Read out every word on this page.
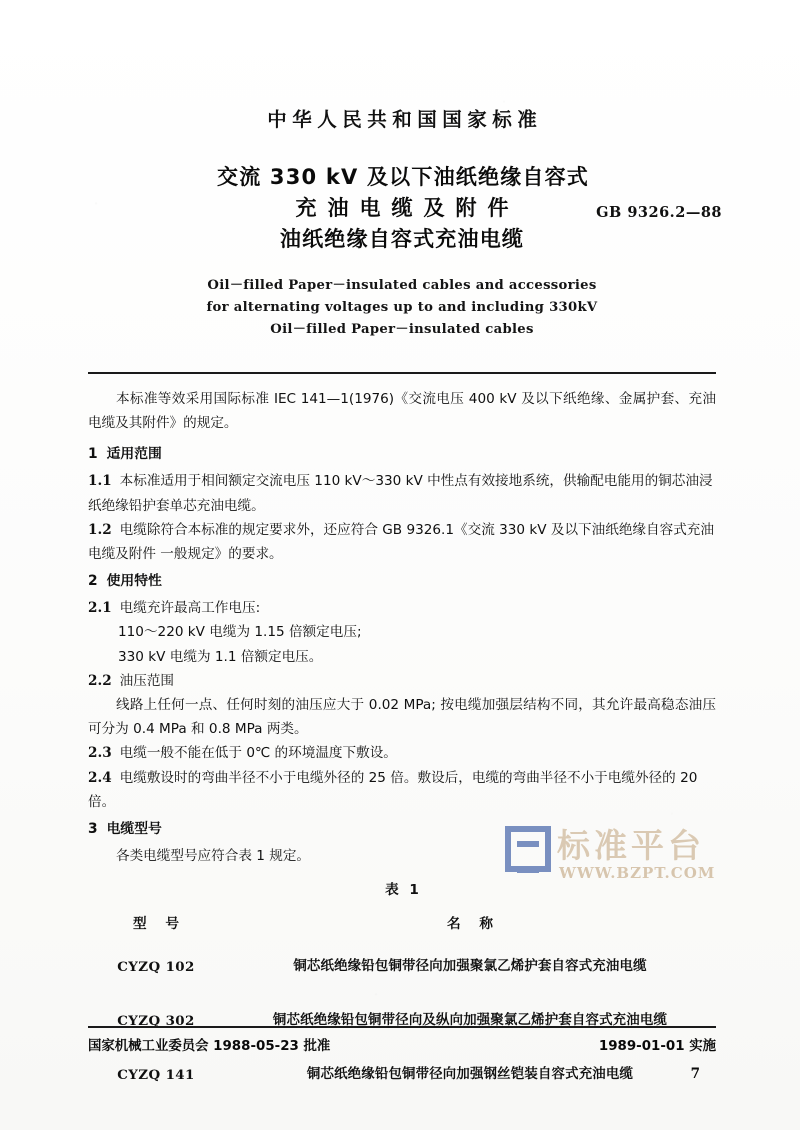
中华人民共和国国家标准
交流 330 kV 及以下油纸绝缘自容式
充油电缆及附件
油纸绝缘自容式充油电缆
GB 9326.2—88
Oil－filled Paper－insulated cables and accessories
for alternating voltages up to and including 330kV
Oil－filled Paper－insulated cables

本标准等效采用国际标准 IEC 141—1(1976)《交流电压 400 kV 及以下纸绝缘、金属护套、充油电缆及其附件》的规定。

1 适用范围

1.1 本标准适用于相间额定交流电压 110 kV～330 kV 中性点有效接地系统，供输配电能用的铜芯油浸纸绝缘铅护套单芯充油电缆。

1.2 电缆除符合本标准的规定要求外，还应符合 GB 9326.1《交流 330 kV 及以下油纸绝缘自容式充油电缆及附件 一般规定》的要求。

2 使用特性

2.1 电缆充许最高工作电压:

110～220 kV 电缆为 1.15 倍额定电压;

330 kV 电缆为 1.1 倍额定电压。

2.2 油压范围

线路上任何一点、任何时刻的油压应大于 0.02 MPa; 按电缆加强层结构不同，其允许最高稳态油压可分为 0.4 MPa 和 0.8 MPa 两类。

2.3 电缆一般不能在低于 0℃ 的环境温度下敷设。

2.4 电缆敷设时的弯曲半径不小于电缆外径的 25 倍。敷设后，电缆的弯曲半径不小于电缆外径的 20 倍。

3 电缆型号

各类电缆型号应符合表 1 规定。

表 1
型 号	名 称

CYZQ 102	铜芯纸绝缘铅包铜带径向加强聚氯乙烯护套自容式充油电缆

CYZQ 302	铜芯纸绝缘铅包铜带径向及纵向加强聚氯乙烯护套自容式充油电缆

CYZQ 141	铜芯纸绝缘铅包铜带径向加强钢丝铠装自容式充油电缆

国家机械工业委员会 1988-05-23 批准	1989-01-01 实施
7
标准平台
WWW.BZPT.COM
